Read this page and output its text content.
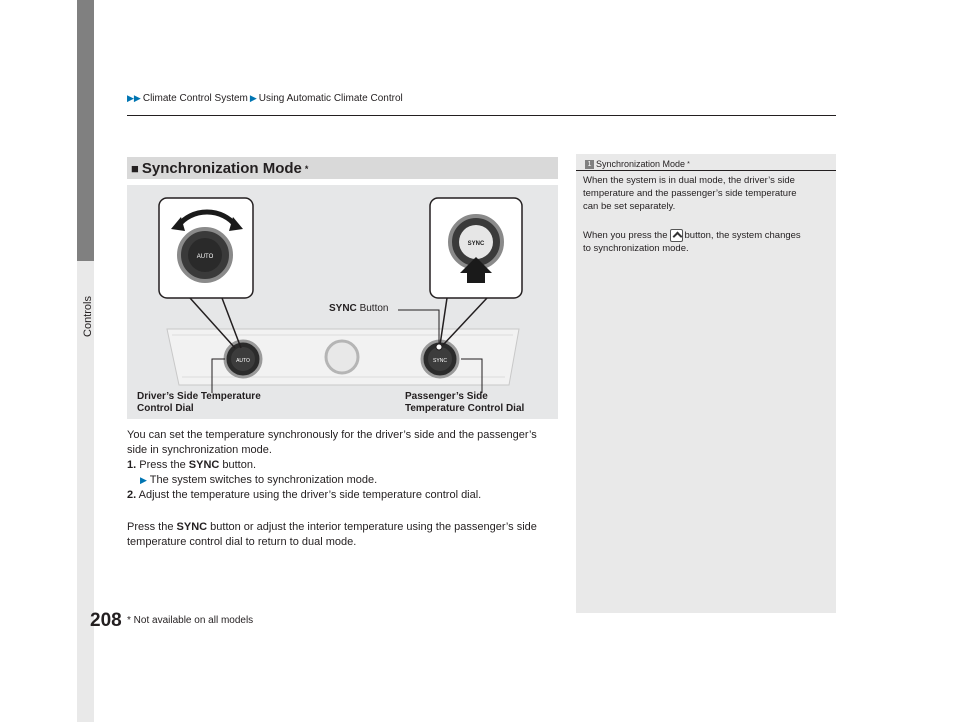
Controls
▶▶ Climate Control System ▶ Using Automatic Climate Control
■ Synchronization Mode *
AUTO	SYNC
AUTO
SYNC
SYNC Button
Driver’s Side Temperature
Control Dial
Passenger’s Side
Temperature Control Dial
You can set the temperature synchronously for the driver’s side and the passenger’s
side in synchronization mode.
1. Press the SYNC button.
▶ The system switches to synchronization mode.
2. Adjust the temperature using the driver’s side temperature control dial.
Press the SYNC button or adjust the interior temperature using the passenger’s side
temperature control dial to return to dual mode.
1 Synchronization Mode *
When the system is in dual mode, the driver’s side
temperature and the passenger’s side temperature
can be set separately.
When you press the button, the system changes
to synchronization mode.
208 * Not available on all models
